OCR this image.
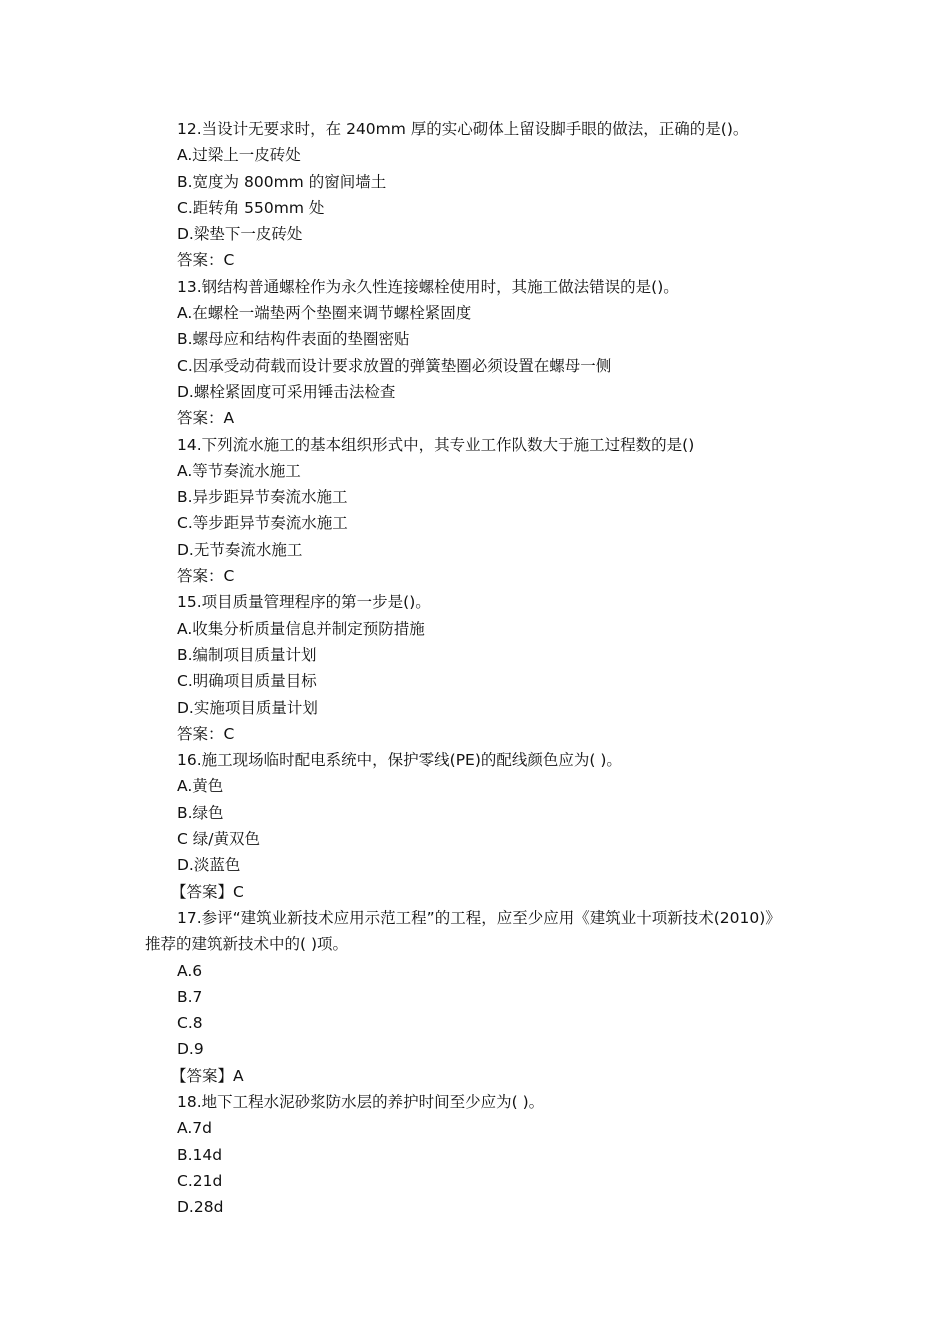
12.当设计无要求时，在 240mm 厚的实心砌体上留设脚手眼的做法，正确的是()。
A.过梁上一皮砖处
B.宽度为 800mm 的窗间墙土
C.距转角 550mm 处
D.梁垫下一皮砖处
答案：C
13.钢结构普通螺栓作为永久性连接螺栓使用时，其施工做法错误的是()。
A.在螺栓一端垫两个垫圈来调节螺栓紧固度
B.螺母应和结构件表面的垫圈密贴
C.因承受动荷载而设计要求放置的弹簧垫圈必须设置在螺母一侧
D.螺栓紧固度可采用锤击法检查
答案：A
14.下列流水施工的基本组织形式中，其专业工作队数大于施工过程数的是()
A.等节奏流水施工
B.异步距异节奏流水施工
C.等步距异节奏流水施工
D.无节奏流水施工
答案：C
15.项目质量管理程序的第一步是()。
A.收集分析质量信息并制定预防措施
B.编制项目质量计划
C.明确项目质量目标
D.实施项目质量计划
答案：C
16.施工现场临时配电系统中，保护零线(PE)的配线颜色应为( )。
A.黄色
B.绿色
C 绿/黄双色
D.淡蓝色
【答案】C
17.参评“建筑业新技术应用示范工程”的工程，应至少应用《建筑业十项新技术(2010)》
推荐的建筑新技术中的( )项。
A.6
B.7
C.8
D.9
【答案】A
18.地下工程水泥砂浆防水层的养护时间至少应为( )。
A.7d
B.14d
C.21d
D.28d
